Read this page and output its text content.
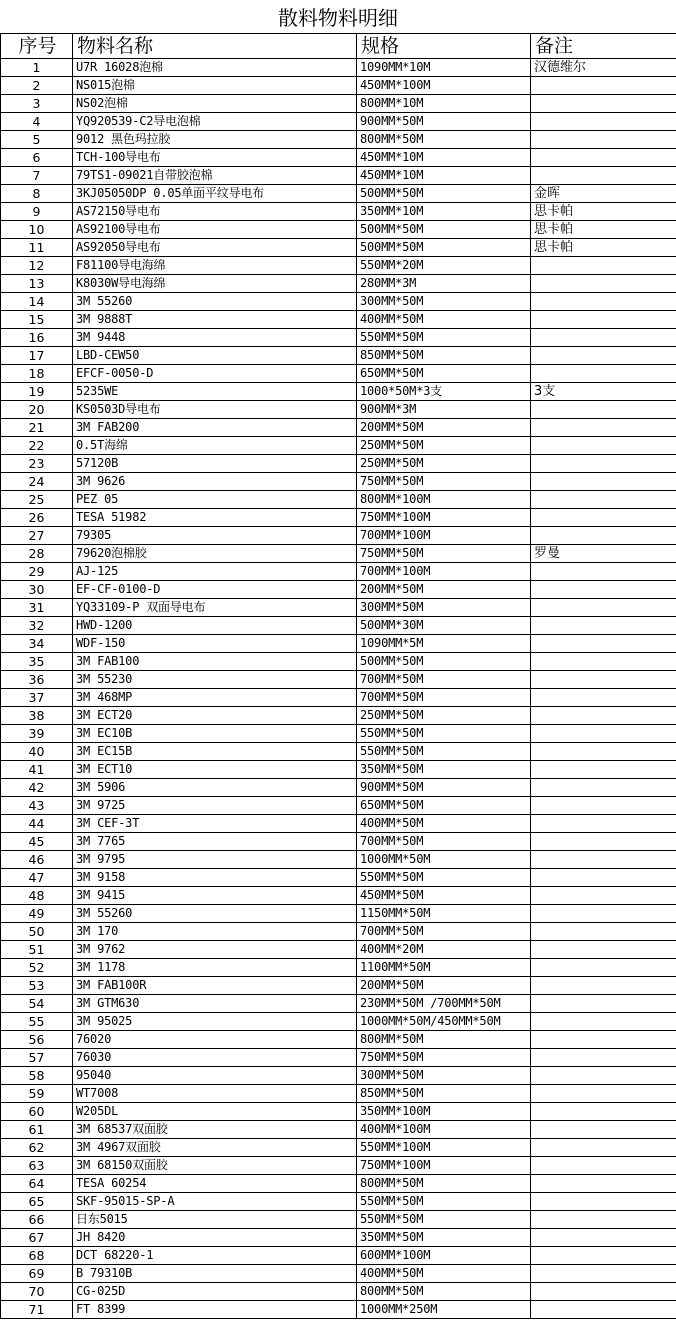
散料物料明细
序号	物料名称	规格	备注
1	U7R 16028泡棉	1090MM*10M	汉德维尔
2	NS015泡棉	450MM*100M	
3	NS02泡棉	800MM*10M	
4	YQ920539-C2导电泡棉	900MM*50M	
5	9012 黑色玛拉胶	800MM*50M	
6	TCH-100导电布	450MM*10M	
7	79TS1-09021自带胶泡棉	450MM*10M	
8	3KJ05050DP 0.05单面平纹导电布	500MM*50M	金晖
9	AS72150导电布	350MM*10M	思卡帕
10	AS92100导电布	500MM*50M	思卡帕
11	AS92050导电布	500MM*50M	思卡帕
12	F81100导电海绵	550MM*20M	
13	K8030W导电海绵	280MM*3M	
14	3M 55260	300MM*50M	
15	3M 9888T	400MM*50M	
16	3M 9448	550MM*50M	
17	LBD-CEW50	850MM*50M	
18	EFCF-0050-D	650MM*50M	
19	5235WE	1000*50M*3支	3支
20	KS0503D导电布	900MM*3M	
21	3M FAB200	200MM*50M	
22	0.5T海绵	250MM*50M	
23	57120B	250MM*50M	
24	3M 9626	750MM*50M	
25	PEZ 05	800MM*100M	
26	TESA 51982	750MM*100M	
27	79305	700MM*100M	
28	79620泡棉胶	750MM*50M	罗曼
29	AJ-125	700MM*100M	
30	EF-CF-0100-D	200MM*50M	
31	YQ33109-P 双面导电布	300MM*50M	
32	HWD-1200	500MM*30M	
34	WDF-150	1090MM*5M	
35	3M FAB100	500MM*50M	
36	3M 55230	700MM*50M	
37	3M 468MP	700MM*50M	
38	3M ECT20	250MM*50M	
39	3M EC10B	550MM*50M	
40	3M EC15B	550MM*50M	
41	3M ECT10	350MM*50M	
42	3M 5906	900MM*50M	
43	3M 9725	650MM*50M	
44	3M CEF-3T	400MM*50M	
45	3M 7765	700MM*50M	
46	3M 9795	1000MM*50M	
47	3M 9158	550MM*50M	
48	3M 9415	450MM*50M	
49	3M 55260	1150MM*50M	
50	3M 170	700MM*50M	
51	3M 9762	400MM*20M	
52	3M 1178	1100MM*50M	
53	3M FAB100R	200MM*50M	
54	3M GTM630	230MM*50M /700MM*50M	
55	3M 95025	1000MM*50M/450MM*50M	
56	76020	800MM*50M	
57	76030	750MM*50M	
58	95040	300MM*50M	
59	WT7008	850MM*50M	
60	W205DL	350MM*100M	
61	3M 68537双面胶	400MM*100M	
62	3M 4967双面胶	550MM*100M	
63	3M 68150双面胶	750MM*100M	
64	TESA 60254	800MM*50M	
65	SKF-95015-SP-A	550MM*50M	
66	日东5015	550MM*50M	
67	JH 8420	350MM*50M	
68	DCT 68220-1	600MM*100M	
69	B 79310B	400MM*50M	
70	CG-025D	800MM*50M	
71	FT 8399	1000MM*250M	
